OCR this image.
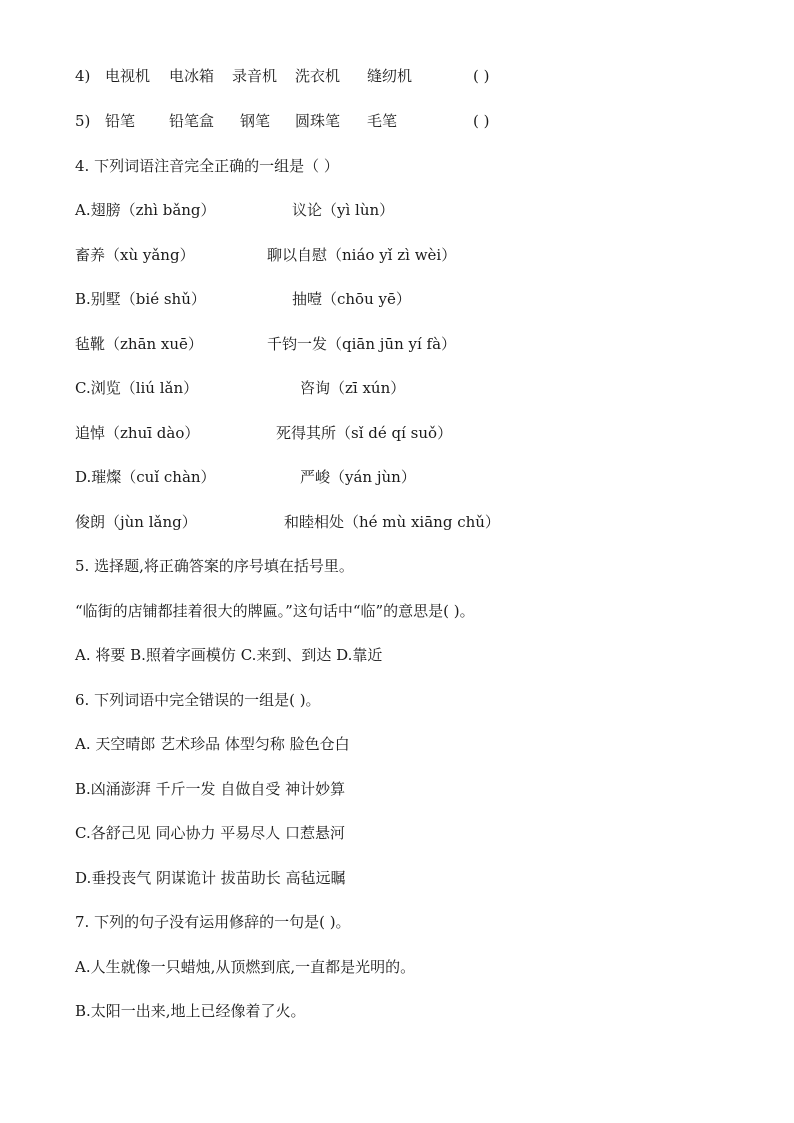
4) 电视机 电冰箱 录音机 洗衣机 缝纫机	( )
5) 铅笔 铅笔盒 钢笔 圆珠笔 毛笔	( )
4. 下列词语注音完全正确的一组是（ ）
A.翅膀（zhì bǎng）	议论（yì lùn）
畜养（xù yǎng）	聊以自慰（niáo yǐ zì wèi）
B.别墅（bié shǔ）	抽噎（chōu yē）
毡靴（zhān xuē）	千钧一发（qiān jūn yí fà）
C.浏览（liú lǎn）	咨询（zī xún）
追悼（zhuī dào）	死得其所（sǐ dé qí suǒ）
D.璀燦（cuǐ chàn）	严峻（yán jùn）
俊朗（jùn lǎng）	和睦相处（hé mù xiāng chǔ）
5. 选择题,将正确答案的序号填在括号里。
“临街的店铺都挂着很大的牌匾。”这句话中“临”的意思是( )。
A. 将要 B.照着字画模仿 C.来到、到达 D.靠近
6. 下列词语中完全错误的一组是( )。
A. 天空晴郎 艺术珍品 体型匀称 脸色仓白
B.凶涌澎湃 千斤一发 自做自受 神计妙算
C.各舒己见 同心协力 平易尽人 口惹悬河
D.垂投丧气 阴谋诡计 拔苗助长 高毡远瞩
7. 下列的句子没有运用修辞的一句是( )。
A.人生就像一只蜡烛,从顶燃到底,一直都是光明的。
B.太阳一出来,地上已经像着了火。
